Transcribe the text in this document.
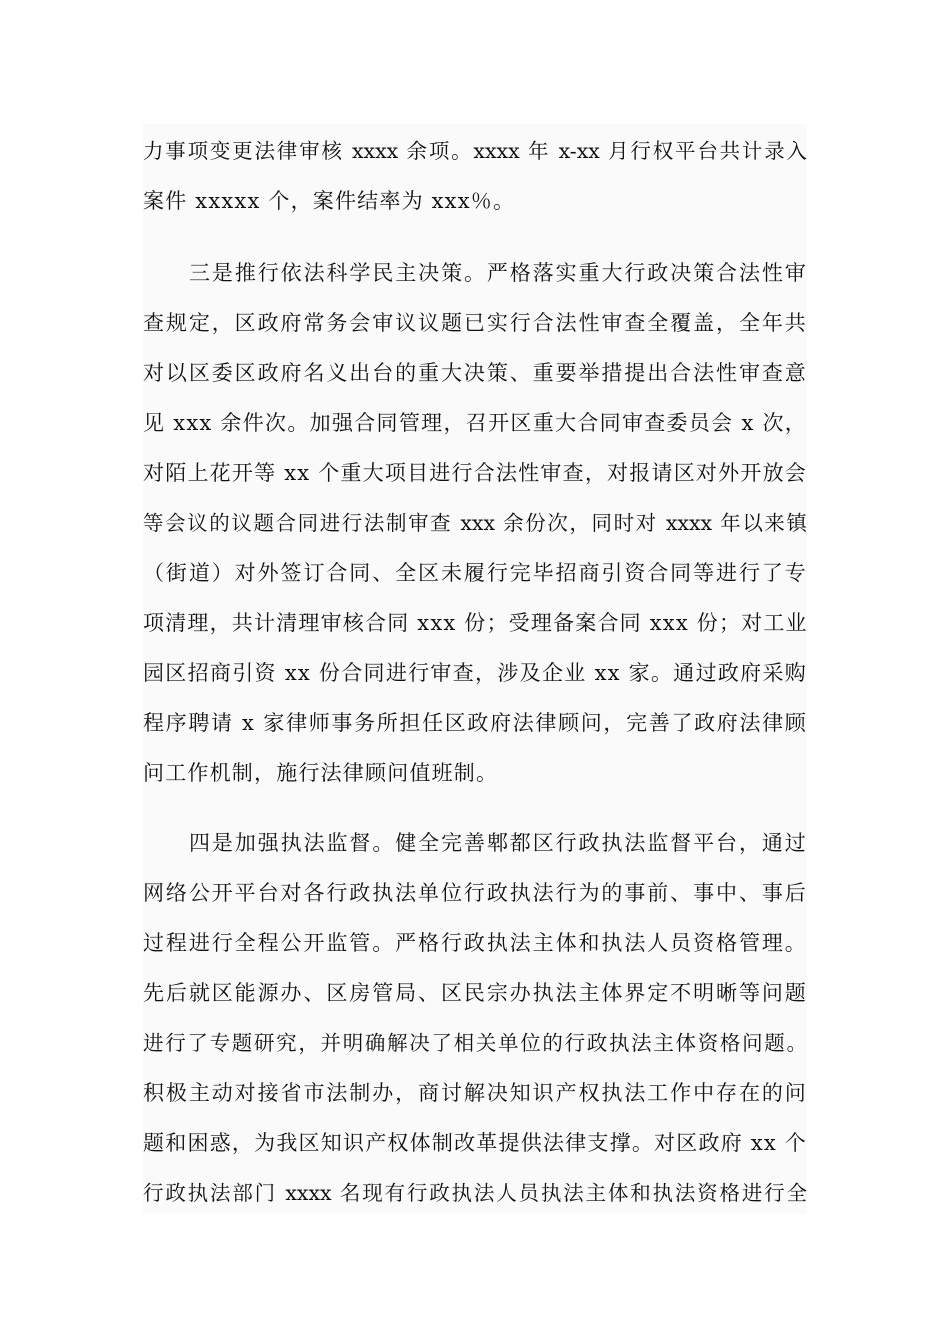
力事项变更法律审核 xxxx 余项。xxxx 年 x-xx 月行权平台共计录入
案件 xxxxx 个，案件结率为 xxx％。
三是推行依法科学民主决策。严格落实重大行政决策合法性审
查规定，区政府常务会审议议题已实行合法性审查全覆盖，全年共
对以区委区政府名义出台的重大决策、重要举措提出合法性审查意
见 xxx 余件次。加强合同管理，召开区重大合同审查委员会 x 次，
对陌上花开等 xx 个重大项目进行合法性审查，对报请区对外开放会
等会议的议题合同进行法制审查 xxx 余份次，同时对 xxxx 年以来镇
（街道）对外签订合同、全区未履行完毕招商引资合同等进行了专
项清理，共计清理审核合同 xxx 份；受理备案合同 xxx 份；对工业
园区招商引资 xx 份合同进行审查，涉及企业 xx 家。通过政府采购
程序聘请 x 家律师事务所担任区政府法律顾问，完善了政府法律顾
问工作机制，施行法律顾问值班制。
四是加强执法监督。健全完善郫都区行政执法监督平台，通过
网络公开平台对各行政执法单位行政执法行为的事前、事中、事后
过程进行全程公开监管。严格行政执法主体和执法人员资格管理。
先后就区能源办、区房管局、区民宗办执法主体界定不明晰等问题
进行了专题研究，并明确解决了相关单位的行政执法主体资格问题。
积极主动对接省市法制办，商讨解决知识产权执法工作中存在的问
题和困惑，为我区知识产权体制改革提供法律支撑。对区政府 xx 个
行政执法部门 xxxx 名现有行政执法人员执法主体和执法资格进行全
